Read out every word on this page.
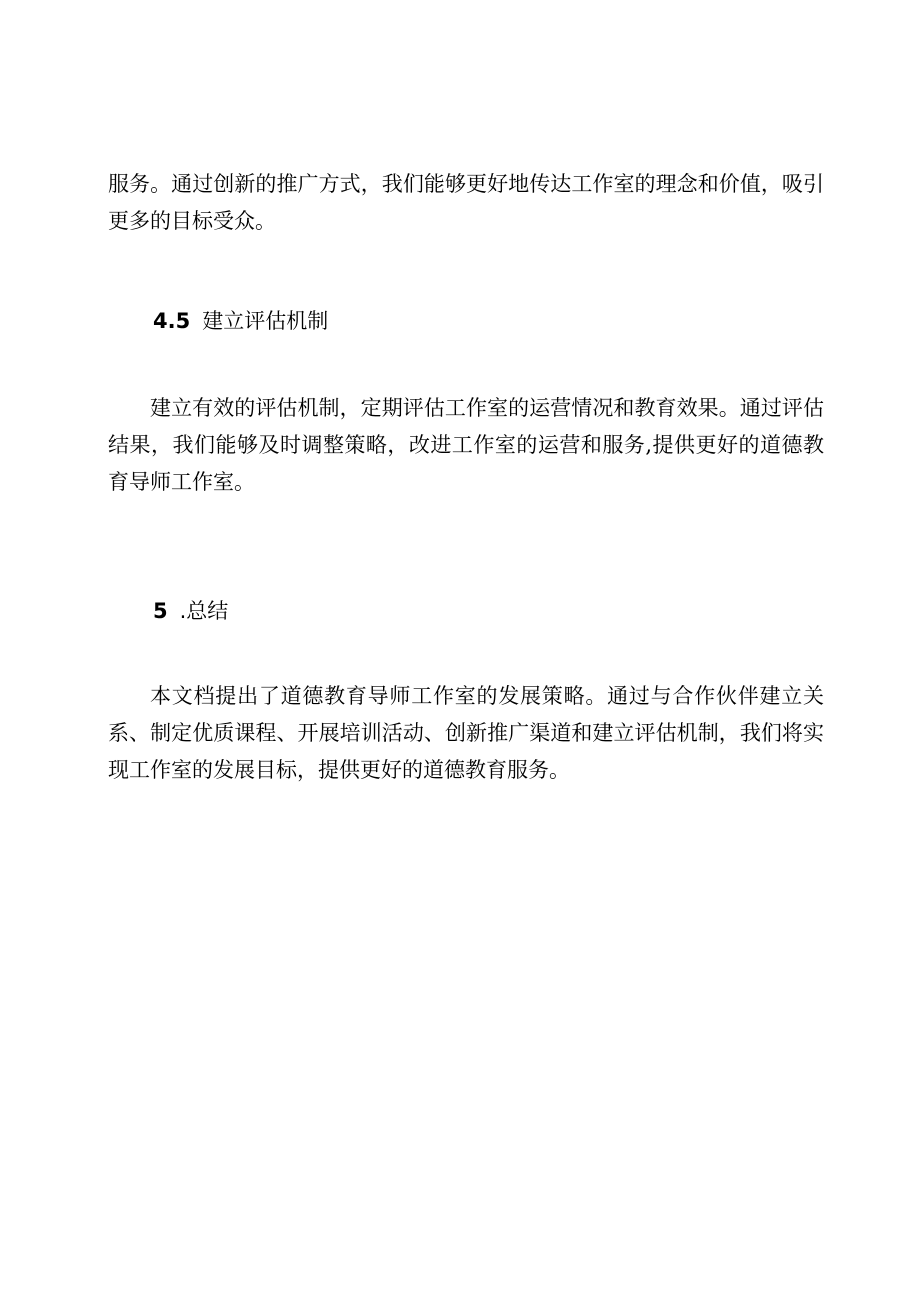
服务。通过创新的推广方式，我们能够更好地传达工作室的理念和价值，吸引更多的目标受众。

4.5 建立评估机制

建立有效的评估机制，定期评估工作室的运营情况和教育效果。通过评估结果，我们能够及时调整策略，改进工作室的运营和服务,提供更好的道德教育导师工作室。

5 .总结

本文档提出了道德教育导师工作室的发展策略。通过与合作伙伴建立关系、制定优质课程、开展培训活动、创新推广渠道和建立评估机制，我们将实现工作室的发展目标，提供更好的道德教育服务。
